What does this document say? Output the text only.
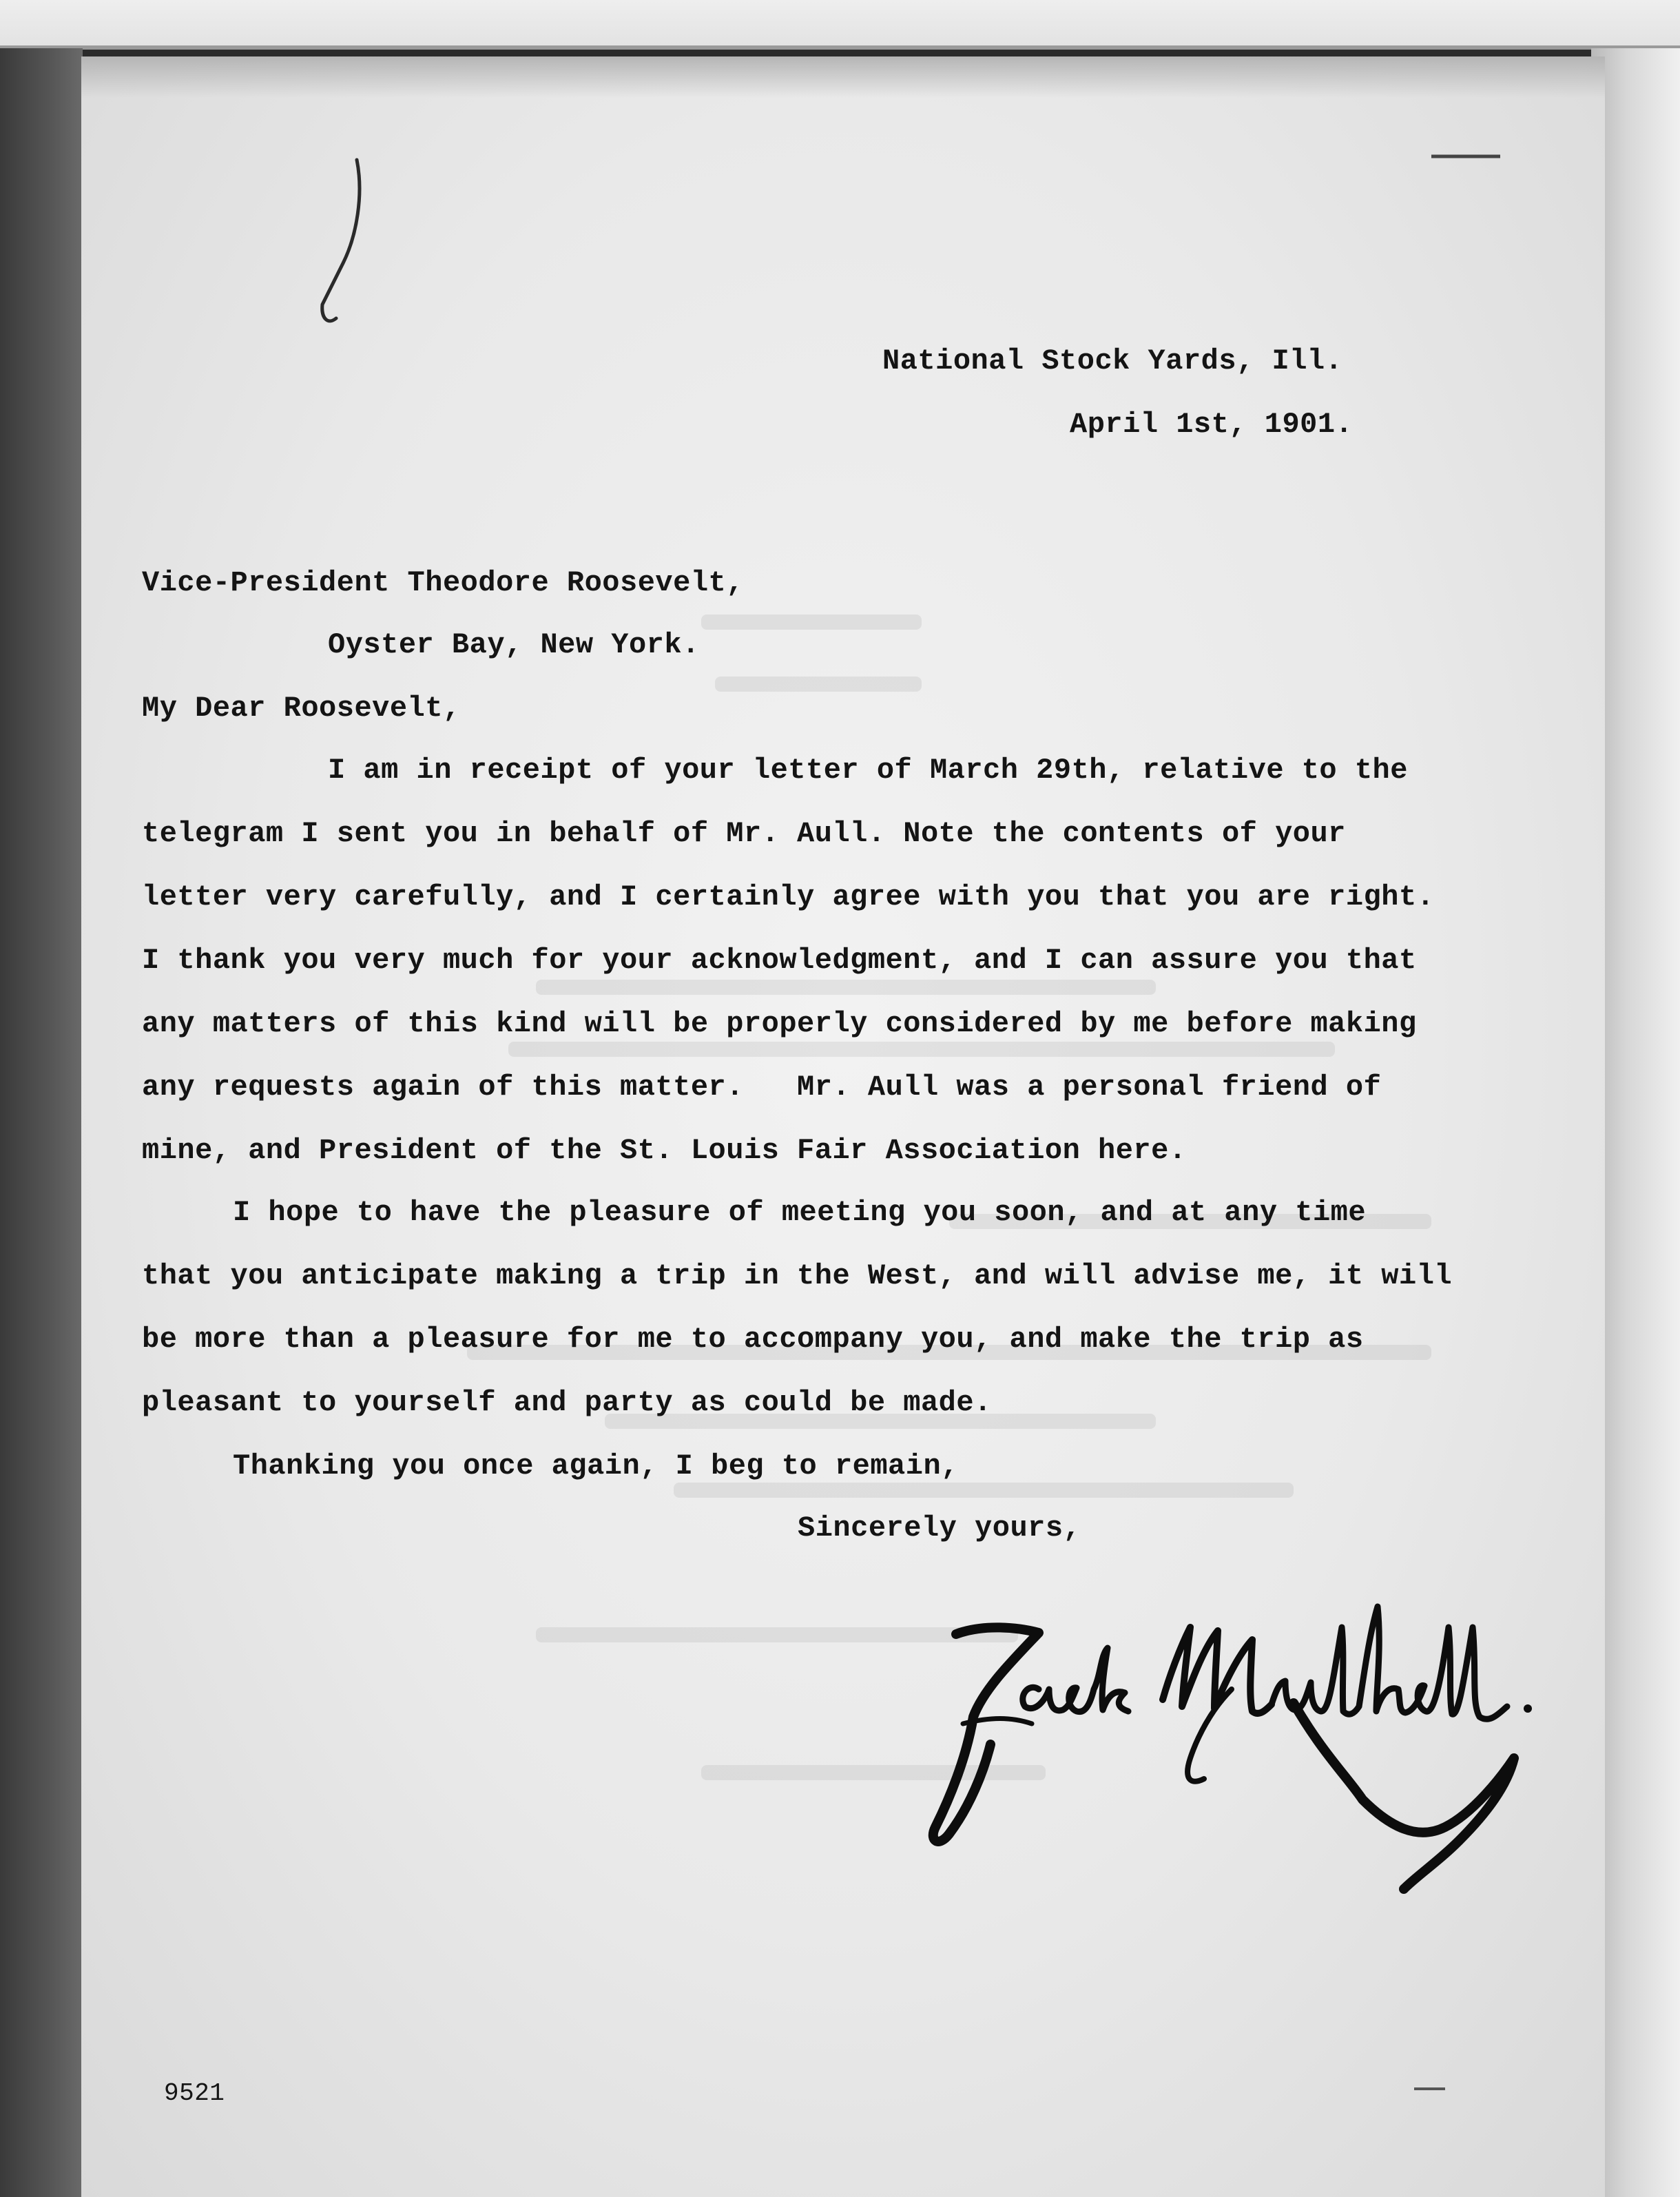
National Stock Yards, Ill.
April 1st, 1901.
Vice-President Theodore Roosevelt,
Oyster Bay, New York.
My Dear Roosevelt,
I am in receipt of your letter of March 29th, relative to the
telegram I sent you in behalf of Mr. Aull. Note the contents of your
letter very carefully, and I certainly agree with you that you are right.
I thank you very much for your acknowledgment, and I can assure you that
any matters of this kind will be properly considered by me before making
any requests again of this matter.   Mr. Aull was a personal friend of
mine, and President of the St. Louis Fair Association here.
I hope to have the pleasure of meeting you soon, and at any time
that you anticipate making a trip in the West, and will advise me, it will
be more than a pleasure for me to accompany you, and make the trip as
pleasant to yourself and party as could be made.
Thanking you once again, I beg to remain,
Sincerely yours,
9521
